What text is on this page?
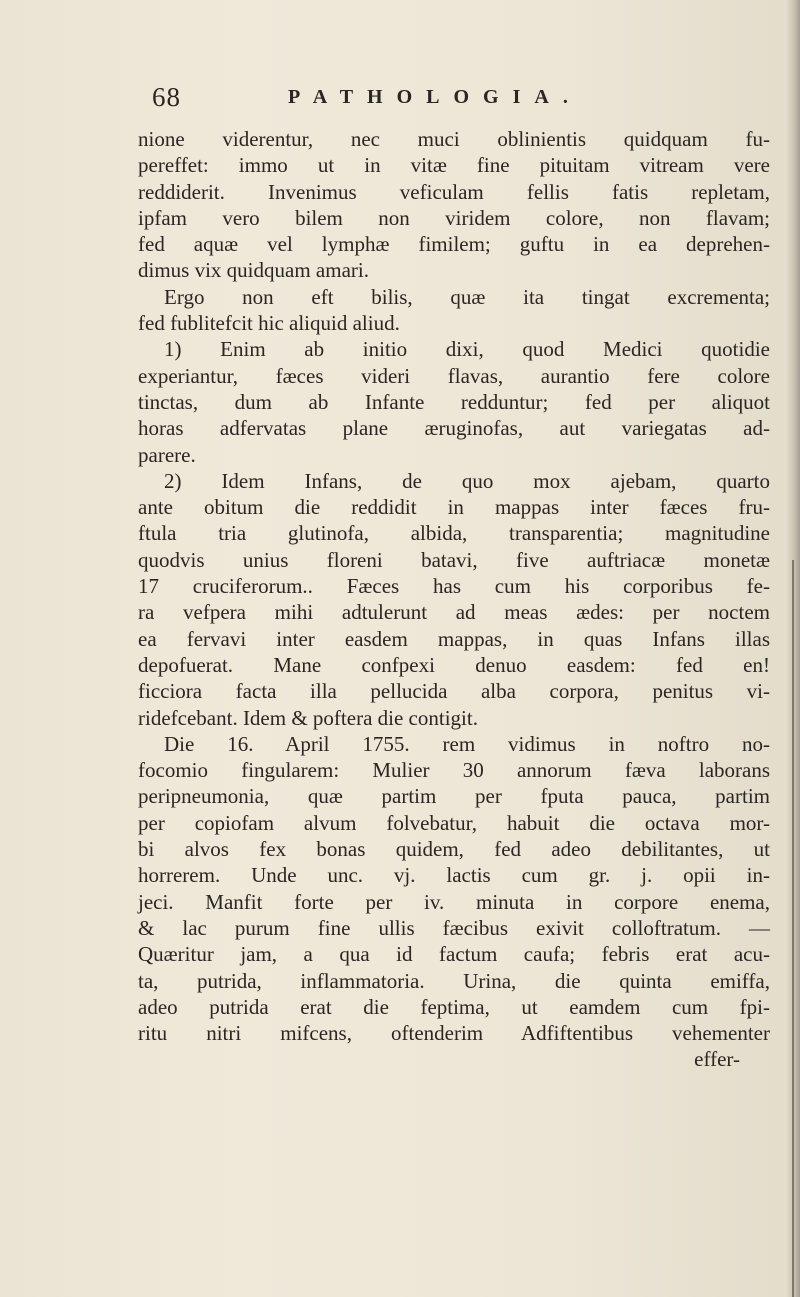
68	PATHOLOGIA.
nione viderentur, nec muci oblinientis quidquam fu-
pereffet: immo ut in vitæ fine pituitam vitream vere
reddiderit. Invenimus veficulam fellis fatis repletam,
ipfam vero bilem non viridem colore, non flavam;
fed aquæ vel lymphæ fimilem; guftu in ea deprehen-
dimus vix quidquam amari.
Ergo non eft bilis, quæ ita tingat excrementa;
fed fublitefcit hic aliquid aliud.
1) Enim ab initio dixi, quod Medici quotidie
experiantur, fæces videri flavas, aurantio fere colore
tinctas, dum ab Infante redduntur; fed per aliquot
horas adfervatas plane æruginofas, aut variegatas ad-
parere.
2) Idem Infans, de quo mox ajebam, quarto
ante obitum die reddidit in mappas inter fæces fru-
ftula tria glutinofa, albida, transparentia; magnitudine
quodvis unius floreni batavi, five auftriacæ monetæ
17 cruciferorum.. Fæces has cum his corporibus fe-
ra vefpera mihi adtulerunt ad meas ædes: per noctem
ea fervavi inter easdem mappas, in quas Infans illas
depofuerat. Mane confpexi denuo easdem: fed en!
ficciora facta illa pellucida alba corpora, penitus vi-
ridefcebant. Idem & poftera die contigit.
Die 16. April 1755. rem vidimus in noftro no-
focomio fingularem: Mulier 30 annorum fæva laborans
peripneumonia, quæ partim per fputa pauca, partim
per copiofam alvum folvebatur, habuit die octava mor-
bi alvos fex bonas quidem, fed adeo debilitantes, ut
horrerem. Unde unc. vj. lactis cum gr. j. opii in-
jeci. Manfit forte per iv. minuta in corpore enema,
& lac purum fine ullis fæcibus exivit colloftratum. —
Quæritur jam, a qua id factum caufa; febris erat acu-
ta, putrida, inflammatoria. Urina, die quinta emiffa,
adeo putrida erat die feptima, ut eamdem cum fpi-
ritu nitri mifcens, oftenderim Adfiftentibus vehementer
effer-
